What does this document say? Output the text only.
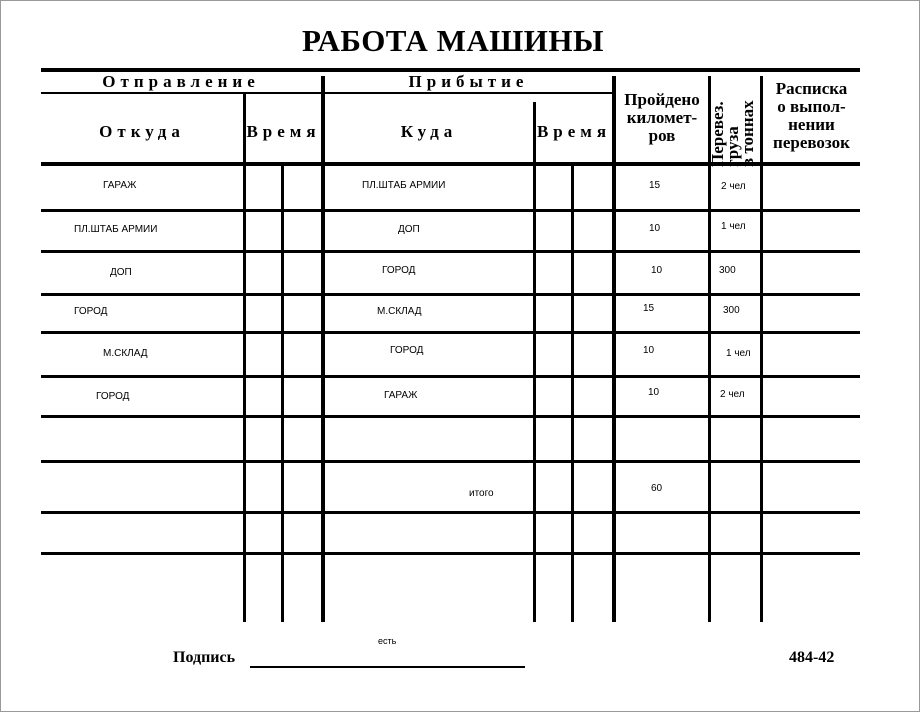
РАБОТА МАШИНЫ
Отправление	Прибытие
Откуда	Время	Куда	Время
Пройдено
километ-
ров	Перевез.
груза
в тоннах
Расписка
о выпол-
нении
перевозок
ГАРАЖ	ПЛ.ШТАБ АРМИИ	15	2 чел
ПЛ.ШТАБ АРМИИ	ДОП	10	1 чел
ДОП	ГОРОД	10	300
ГОРОД	М.СКЛАД	15	300
М.СКЛАД	ГОРОД	10	1 чел
ГОРОД	ГАРАЖ	10	2 чел
итого	60
есть
Подпись	484-42
